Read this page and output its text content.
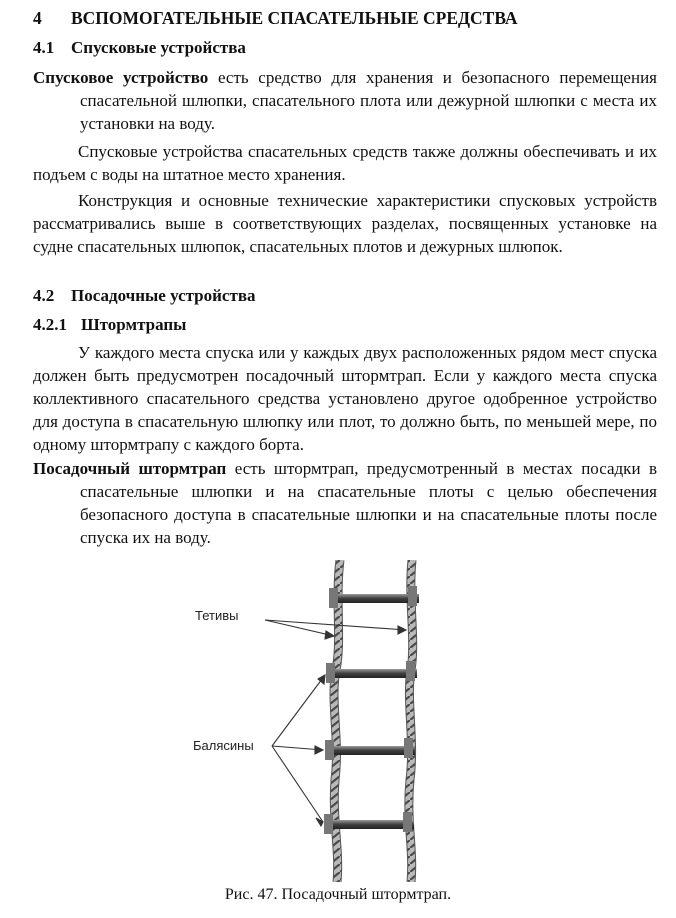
4 ВСПОМОГАТЕЛЬНЫЕ СПАСАТЕЛЬНЫЕ СРЕДСТВА
4.1 Спусковые устройства
Спусковое устройство есть средство для хранения и безопасного перемещения спасательной шлюпки, спасательного плота или дежурной шлюпки с места их установки на воду.
Спусковые устройства спасательных средств также должны обеспечивать и их подъем с воды на штатное место хранения.
Конструкция и основные технические характеристики спусковых устройств рассматривались выше в соответствующих разделах, посвященных установке на судне спасательных шлюпок, спасательных плотов и дежурных шлюпок.
4.2 Посадочные устройства
4.2.1 Штормтрапы
У каждого места спуска или у каждых двух расположенных рядом мест спуска должен быть предусмотрен посадочный штормтрап. Если у каждого места спуска коллективного спасательного средства установлено другое одобренное устройство для доступа в спасательную шлюпку или плот, то должно быть, по меньшей мере, по одному штормтрапу с каждого борта.
Посадочный штормтрап есть штормтрап, предусмотренный в местах посадки в спасательные шлюпки и на спасательные плоты с целью обеспечения безопасного доступа в спасательные шлюпки и на спасательные плоты после спуска их на воду.
Тетивы
Балясины
Рис. 47. Посадочный штормтрап.
